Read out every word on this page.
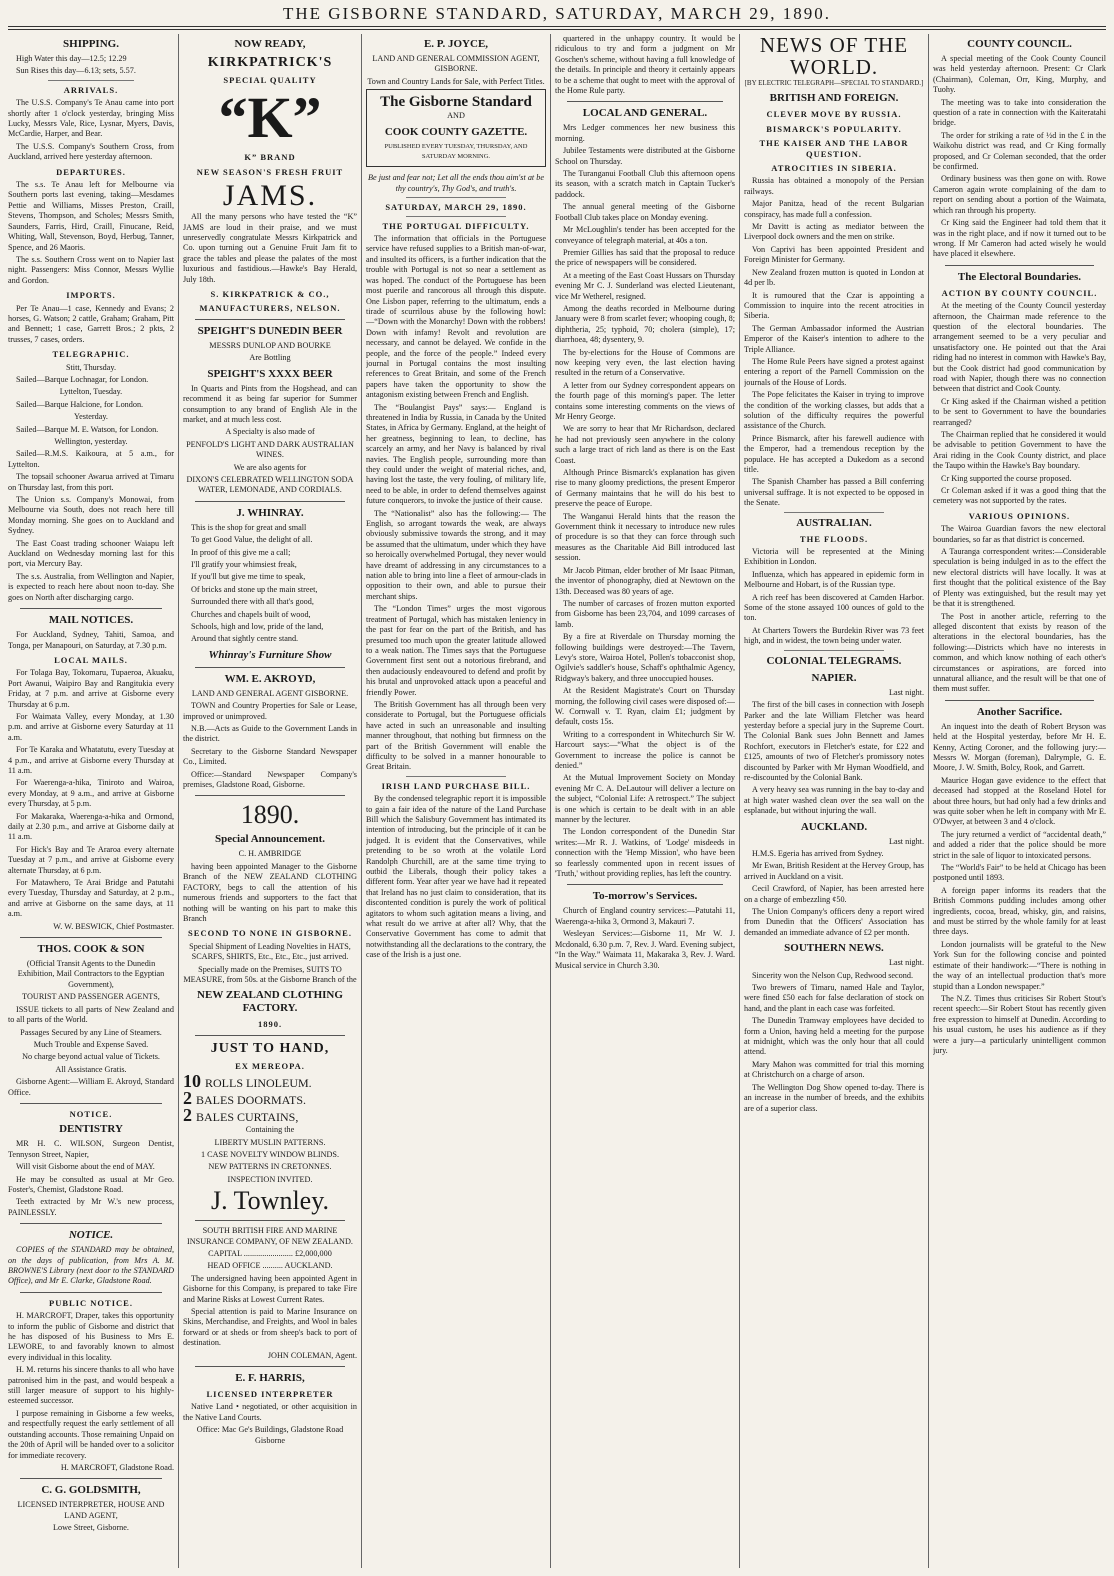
THE GISBORNE STANDARD, SATURDAY, MARCH 29, 1890.
SHIPPING.

High Water this day—12.5; 12.29

Sun Rises this day—6.13; sets, 5.57.

ARRIVALS.

The U.S.S. Company's Te Anau came into port shortly after 1 o'clock yesterday, bringing Miss Lucky, Messrs Vale, Rice, Lysnar, Myers, Davis, McCardie, Harper, and Bear.

The U.S.S. Company's Southern Cross, from Auckland, arrived here yesterday afternoon.

DEPARTURES.

The s.s. Te Anau left for Melbourne via Southern ports last evening, taking—Mesdames Pettie and Williams, Misses Preston, Craill, Stevens, Thompson, and Scholes; Messrs Smith, Saunders, Farris, Hird, Craill, Finucane, Reid, Whiting, Wall, Stevenson, Boyd, Herbug, Tanner, Spence, and 26 Maoris.

The s.s. Southern Cross went on to Napier last night. Passengers: Miss Connor, Messrs Wyllie and Gordon.

IMPORTS.

Per Te Anau—1 case, Kennedy and Evans; 2 horses, G. Watson; 2 cattle, Graham; Graham, Pitt and Bennett; 1 case, Garrett Bros.; 2 pkts, 2 trusses, 7 cases, orders.

TELEGRAPHIC.

Stitt, Thursday.

Sailed—Barque Lochnagar, for London.

Lyttelton, Tuesday.

Sailed—Barque Halcione, for London.

Yesterday.

Sailed—Barque M. E. Watson, for London.

Wellington, yesterday.

Sailed—R.M.S. Kaikoura, at 5 a.m., for Lyttelton.

The topsail schooner Awarua arrived at Timaru on Thursday last, from this port.

The Union s.s. Company's Monowai, from Melbourne via South, does not reach here till Monday morning. She goes on to Auckland and Sydney.

The East Coast trading schooner Waiapu left Auckland on Wednesday morning last for this port, via Mercury Bay.

The s.s. Australia, from Wellington and Napier, is expected to reach here about noon to-day. She goes on North after discharging cargo.

MAIL NOTICES.

For Auckland, Sydney, Tahiti, Samoa, and Tonga, per Manapouri, on Saturday, at 7.30 p.m.

LOCAL MAILS.

For Tolaga Bay, Tokomaru, Tupaeroa, Akuaku, Port Awanui, Waipiro Bay and Rangitukia every Friday, at 7 p.m. and arrive at Gisborne every Thursday at 6 p.m.

For Waimata Valley, every Monday, at 1.30 p.m. and arrive at Gisborne every Saturday at 11 a.m.

For Te Karaka and Whatatutu, every Tuesday at 4 p.m., and arrive at Gisborne every Thursday at 11 a.m.

For Waerenga-a-hika, Tiniroto and Wairoa, every Monday, at 9 a.m., and arrive at Gisborne every Thursday, at 5 p.m.

For Makaraka, Waerenga-a-hika and Ormond, daily at 2.30 p.m., and arrive at Gisborne daily at 11 a.m.

For Hick's Bay and Te Araroa every alternate Tuesday at 7 p.m., and arrive at Gisborne every alternate Thursday, at 6 p.m.

For Matawhero, Te Arai Bridge and Patutahi every Tuesday, Thursday and Saturday, at 2 p.m., and arrive at Gisborne on the same days, at 11 a.m.

W. W. BESWICK, Chief Postmaster.

THOS. COOK & SON

(Official Transit Agents to the Dunedin Exhibition, Mail Contractors to the Egyptian Government),

TOURIST AND PASSENGER AGENTS,

ISSUE tickets to all parts of New Zealand and to all parts of the World.

Passages Secured by any Line of Steamers.

Much Trouble and Expense Saved.

No charge beyond actual value of Tickets.

All Assistance Gratis.

Gisborne Agent:—William E. Akroyd, Standard Office.

NOTICE.
DENTISTRY

MR H. C. WILSON, Surgeon Dentist, Tennyson Street, Napier,

Will visit Gisborne about the end of MAY.

He may be consulted as usual at Mr Geo. Foster's, Chemist, Gladstone Road.

Teeth extracted by Mr W.'s new process, PAINLESSLY.

NOTICE.

COPIES of the STANDARD may be obtained, on the days of publication, from Mrs A. M. BROWNE'S Library (next door to the STANDARD Office), and Mr E. Clarke, Gladstone Road.

PUBLIC NOTICE.

H. MARCROFT, Draper, takes this opportunity to inform the public of Gisborne and district that he has disposed of his Business to Mrs E. LEWORE, to and favorably known to almost every individual in this locality.

H. M. returns his sincere thanks to all who have patronised him in the past, and would bespeak a still larger measure of support to his highly-esteemed successor.

I purpose remaining in Gisborne a few weeks, and respectfully request the early settlement of all outstanding accounts. Those remaining Unpaid on the 20th of April will be handed over to a solicitor for immediate recovery.

H. MARCROFT, Gladstone Road.

C. G. GOLDSMITH,

LICENSED INTERPRETER, HOUSE AND LAND AGENT,

Lowe Street, Gisborne.

NOW READY,
KIRKPATRICK'S
SPECIAL QUALITY
“K”
K” BRAND
NEW SEASON'S FRESH FRUIT
JAMS.

All the many persons who have tested the “K” JAMS are loud in their praise, and we must unreservedly congratulate Messrs Kirkpatrick and Co. upon turning out a Genuine Fruit Jam fit to grace the tables and please the palates of the most luxurious and fastidious.—Hawke's Bay Herald, July 18th.

S. KIRKPATRICK & CO.,
MANUFACTURERS, NELSON.
SPEIGHT'S DUNEDIN BEER

MESSRS DUNLOP AND BOURKE

Are Bottling

SPEIGHT'S XXXX BEER

In Quarts and Pints from the Hogshead, and can recommend it as being far superior for Summer consumption to any brand of English Ale in the market, and at much less cost.

A Specialty is also made of

PENFOLD'S LIGHT AND DARK AUSTRALIAN WINES.

We are also agents for

DIXON'S CELEBRATED WELLINGTON SODA WATER, LEMONADE, AND CORDIALS.

J. WHINRAY.

This is the shop for great and small

To get Good Value, the delight of all.

In proof of this give me a call;

I'll gratify your whimsiest freak,

If you'll but give me time to speak,

Of bricks and stone up the main street,

Surrounded there with all that's good,

Churches and chapels built of wood,

Schools, high and low, pride of the land,

Around that sightly centre stand.

Whinray's Furniture Show
WM. E. AKROYD,

LAND AND GENERAL AGENT GISBORNE.

TOWN and Country Properties for Sale or Lease, improved or unimproved.

N.B.—Acts as Guide to the Government Lands in the district.

Secretary to the Gisborne Standard Newspaper Co., Limited.

Office:—Standard Newspaper Company's premises, Gladstone Road, Gisborne.

1890.
Special Announcement.

C. H. AMBRIDGE

having been appointed Manager to the Gisborne Branch of the NEW ZEALAND CLOTHING FACTORY, begs to call the attention of his numerous friends and supporters to the fact that nothing will be wanting on his part to make this Branch

SECOND TO NONE IN GISBORNE.

Special Shipment of Leading Novelties in HATS, SCARFS, SHIRTS, Etc., Etc., Etc., just arrived.

Specially made on the Premises, SUITS TO MEASURE, from 50s. at the Gisborne Branch of the

NEW ZEALAND CLOTHING FACTORY.
1890.
JUST TO HAND,
EX MEREOPA.
10 ROLLS LINOLEUM.
2 BALES DOORMATS.
2 BALES CURTAINS,

Containing the

LIBERTY MUSLIN PATTERNS.

1 CASE NOVELTY WINDOW BLINDS.

NEW PATTERNS IN CRETONNES.

INSPECTION INVITED.

J. Townley.

SOUTH BRITISH FIRE AND MARINE INSURANCE COMPANY, OF NEW ZEALAND.

CAPITAL ........................ £2,000,000

HEAD OFFICE .......... AUCKLAND.

The undersigned having been appointed Agent in Gisborne for this Company, is prepared to take Fire and Marine Risks at Lowest Current Rates.

Special attention is paid to Marine Insurance on Skins, Merchandise, and Freights, and Wool in bales forward or at sheds or from sheep's back to port of destination.

JOHN COLEMAN, Agent.

E. F. HARRIS,
LICENSED INTERPRETER

Native Land • negotiated, or other acquisition in the Native Land Courts.

Office: Mac Ge's Buildings, Gladstone Road Gisborne

E. P. JOYCE,

LAND AND GENERAL COMMISSION AGENT, GISBORNE.

Town and Country Lands for Sale, with Perfect Titles.

The Gisborne Standard
AND
COOK COUNTY GAZETTE.
PUBLISHED EVERY TUESDAY, THURSDAY, AND SATURDAY MORNING.

Be just and fear not; Let all the ends thou aim'st at be thy country's, Thy God's, and truth's.

SATURDAY, MARCH 29, 1890.
THE PORTUGAL DIFFICULTY.

The information that officials in the Portuguese service have refused supplies to a British man-of-war, and insulted its officers, is a further indication that the trouble with Portugal is not so near a settlement as was hoped. The conduct of the Portuguese has been most puerile and rancorous all through this dispute. One Lisbon paper, referring to the ultimatum, ends a tirade of scurrilous abuse by the following howl:—“Down with the Monarchy! Down with the robbers! Down with infamy! Revolt and revolution are necessary, and cannot be delayed. We confide in the people, and the force of the people.” Indeed every journal in Portugal contains the most insulting references to Great Britain, and some of the French papers have taken the opportunity to show the antagonism existing between French and English.

The “Boulangist Pays” says:— England is threatened in India by Russia, in Canada by the United States, in Africa by Germany. England, at the height of her greatness, beginning to lean, to decline, has scarcely an army, and her Navy is balanced by rival navies. The English people, surrounding more than they could under the weight of material riches, and, having lost the taste, the very fouling, of military life, need to be able, in order to defend themselves against future conquerors, to invoke the justice of their cause.

The “Nationalist” also has the following:— The English, so arrogant towards the weak, are always obviously submissive towards the strong, and it may be assumed that the ultimatum, under which they have so heroically overwhelmed Portugal, they never would have dreamt of addressing in any circumstances to a nation able to bring into line a fleet of armour-clads in opposition to their own, and able to pursue their merchant ships.

The “London Times” urges the most vigorous treatment of Portugal, which has mistaken leniency in the past for fear on the part of the British, and has presumed too much upon the greater latitude allowed to a weak nation. The Times says that the Portuguese Government first sent out a notorious firebrand, and then audaciously endeavoured to defend and profit by his brutal and unprovoked attack upon a peaceful and friendly Power.

The British Government has all through been very considerate to Portugal, but the Portuguese officials have acted in such an unreasonable and insulting manner throughout, that nothing but firmness on the part of the British Government will enable the difficulty to be solved in a manner honourable to Great Britain.

IRISH LAND PURCHASE BILL.

By the condensed telegraphic report it is impossible to gain a fair idea of the nature of the Land Purchase Bill which the Salisbury Government has intimated its intention of introducing, but the principle of it can be judged. It is evident that the Conservatives, while pretending to be so wroth at the volatile Lord Randolph Churchill, are at the same time trying to outbid the Liberals, though their policy takes a different form. Year after year we have had it repeated that Ireland has no just claim to consideration, that its discontented condition is purely the work of political agitators to whom such agitation means a living, and what result do we arrive at after all? Why, that the Conservative Government has come to admit that notwithstanding all the declarations to the contrary, the case of the Irish is a just one.

quartered in the unhappy country. It would be ridiculous to try and form a judgment on Mr Goschen's scheme, without having a full knowledge of the details. In principle and theory it certainly appears to be a scheme that ought to meet with the approval of the Home Rule party.

LOCAL AND GENERAL.

Mrs Ledger commences her new business this morning.

Jubilee Testaments were distributed at the Gisborne School on Thursday.

The Turanganui Football Club this afternoon opens its season, with a scratch match in Captain Tucker's paddock.

The annual general meeting of the Gisborne Football Club takes place on Monday evening.

Mr McLoughlin's tender has been accepted for the conveyance of telegraph material, at 40s a ton.

Premier Gillies has said that the proposal to reduce the price of newspapers will be considered.

At a meeting of the East Coast Hussars on Thursday evening Mr C. J. Sunderland was elected Lieutenant, vice Mr Wetherel, resigned.

Among the deaths recorded in Melbourne during January were 8 from scarlet fever; whooping cough, 8; diphtheria, 25; typhoid, 70; cholera (simple), 17; diarrhoea, 48; dysentery, 9.

The by-elections for the House of Commons are now keeping very even, the last election having resulted in the return of a Conservative.

A letter from our Sydney correspondent appears on the fourth page of this morning's paper. The letter contains some interesting comments on the views of Mr Henry George.

We are sorry to hear that Mr Richardson, declared he had not previously seen anywhere in the colony such a large tract of rich land as there is on the East Coast.

Although Prince Bismarck's explanation has given rise to many gloomy predictions, the present Emperor of Germany maintains that he will do his best to preserve the peace of Europe.

The Wanganui Herald hints that the reason the Government think it necessary to introduce new rules of procedure is so that they can force through such measures as the Charitable Aid Bill introduced last session.

Mr Jacob Pitman, elder brother of Mr Isaac Pitman, the inventor of phonography, died at Newtown on the 13th. Deceased was 80 years of age.

The number of carcases of frozen mutton exported from Gisborne has been 23,704, and 1099 carcases of lamb.

By a fire at Riverdale on Thursday morning the following buildings were destroyed:—The Tavern, Levy's store, Wairoa Hotel, Pollen's tobacconist shop, Ogilvie's saddler's house, Schaff's ophthalmic Agency, Ridgway's bakery, and three unoccupied houses.

At the Resident Magistrate's Court on Thursday morning, the following civil cases were disposed of:—W. Cornwall v. T. Ryan, claim £1; judgment by default, costs 15s.

Writing to a correspondent in Whitechurch Sir W. Harcourt says:—“What the object is of the Government to increase the police is cannot be denied.”

At the Mutual Improvement Society on Monday evening Mr C. A. DeLautour will deliver a lecture on the subject, “Colonial Life: A retrospect.” The subject is one which is certain to be dealt with in an able manner by the lecturer.

The London correspondent of the Dunedin Star writes:—Mr R. J. Watkins, of 'Lodge' misdeeds in connection with the 'Hemp Mission', who have been so fearlessly commented upon in recent issues of 'Truth,' without providing replies, has left the country.

To-morrow's Services.

Church of England country services:—Patutahi 11, Waerenga-a-hika 3, Ormond 3, Makauri 7.

Wesleyan Services:—Gisborne 11, Mr W. J. Mcdonald, 6.30 p.m. 7, Rev. J. Ward. Evening subject, “In the Way.” Waimata 11, Makaraka 3, Rev. J. Ward. Musical service in Church 3.30.

NEWS OF THE WORLD.

[BY ELECTRIC TELEGRAPH—SPECIAL TO STANDARD.]

BRITISH AND FOREIGN.
CLEVER MOVE BY RUSSIA.
BISMARCK'S POPULARITY.
THE KAISER AND THE LABOR QUESTION.
ATROCITIES IN SIBERIA.

Russia has obtained a monopoly of the Persian railways.

Major Panitza, head of the recent Bulgarian conspiracy, has made full a confession.

Mr Davitt is acting as mediator between the Liverpool dock owners and the men on strike.

Von Caprivi has been appointed President and Foreign Minister for Germany.

New Zealand frozen mutton is quoted in London at 4d per lb.

It is rumoured that the Czar is appointing a Commission to inquire into the recent atrocities in Siberia.

The German Ambassador informed the Austrian Emperor of the Kaiser's intention to adhere to the Triple Alliance.

The Home Rule Peers have signed a protest against entering a report of the Parnell Commission on the journals of the House of Lords.

The Pope felicitates the Kaiser in trying to improve the condition of the working classes, but adds that a solution of the difficulty requires the powerful assistance of the Church.

Prince Bismarck, after his farewell audience with the Emperor, had a tremendous reception by the populace. He has accepted a Dukedom as a second title.

The Spanish Chamber has passed a Bill conferring universal suffrage. It is not expected to be opposed in the Senate.

AUSTRALIAN.
THE FLOODS.

Victoria will be represented at the Mining Exhibition in London.

Influenza, which has appeared in epidemic form in Melbourne and Hobart, is of the Russian type.

A rich reef has been discovered at Camden Harbor. Some of the stone assayed 100 ounces of gold to the ton.

At Charters Towers the Burdekin River was 73 feet high, and in widest, the town being under water.

COLONIAL TELEGRAMS.
NAPIER.

Last night.

The first of the bill cases in connection with Joseph Parker and the late William Fletcher was heard yesterday before a special jury in the Supreme Court. The Colonial Bank sues John Bennett and James Rochfort, executors in Fletcher's estate, for £22 and £125, amounts of two of Fletcher's promissory notes discounted by Parker with Mr Hyman Woodfield, and re-discounted by the Colonial Bank.

A very heavy sea was running in the bay to-day and at high water washed clean over the sea wall on the esplanade, but without injuring the wall.

AUCKLAND.

Last night.

H.M.S. Egeria has arrived from Sydney.

Mr Ewan, British Resident at the Hervey Group, has arrived in Auckland on a visit.

Cecil Crawford, of Napier, has been arrested here on a charge of embezzling ¢50.

The Union Company's officers deny a report wired from Dunedin that the Officers' Association has demanded an immediate advance of £2 per month.

SOUTHERN NEWS.

Last night.

Sincerity won the Nelson Cup, Redwood second.

Two brewers of Timaru, named Hale and Taylor, were fined £50 each for false declaration of stock on hand, and the plant in each case was forfeited.

The Dunedin Tramway employees have decided to form a Union, having held a meeting for the purpose at midnight, which was the only hour that all could attend.

Mary Mahon was committed for trial this morning at Christchurch on a charge of arson.

The Wellington Dog Show opened to-day. There is an increase in the number of breeds, and the exhibits are of a superior class.

COUNTY COUNCIL.

A special meeting of the Cook County Council was held yesterday afternoon. Present: Cr Clark (Chairman), Coleman, Orr, King, Murphy, and Tuohy.

The meeting was to take into consideration the question of a rate in connection with the Kaiteratahi bridge.

The order for striking a rate of ½d in the £ in the Waikohu district was read, and Cr King formally proposed, and Cr Coleman seconded, that the order be confirmed.

Ordinary business was then gone on with. Rowe Cameron again wrote complaining of the dam to report on sending about a portion of the Waimata, which ran through his property.

Cr King said the Engineer had told them that it was in the right place, and if now it turned out to be wrong. If Mr Cameron had acted wisely he would have placed it elsewhere.

The Electoral Boundaries.
ACTION BY COUNTY COUNCIL.

At the meeting of the County Council yesterday afternoon, the Chairman made reference to the question of the electoral boundaries. The arrangement seemed to be a very peculiar and unsatisfactory one. He pointed out that the Arai riding had no interest in common with Hawke's Bay, but the Cook district had good communication by road with Napier, though there was no connection between that district and Cook County.

Cr King asked if the Chairman wished a petition to be sent to Government to have the boundaries rearranged?

The Chairman replied that he considered it would be advisable to petition Government to have the Arai riding in the Cook County district, and place the Taupo within the Hawke's Bay boundary.

Cr King supported the course proposed.

Cr Coleman asked if it was a good thing that the cemetery was not supported by the rates.

VARIOUS OPINIONS.

The Wairoa Guardian favors the new electoral boundaries, so far as that district is concerned.

A Tauranga correspondent writes:—Considerable speculation is being indulged in as to the effect the new electoral districts will have locally. It was at first thought that the political existence of the Bay of Plenty was extinguished, but the result may yet be that it is strengthened.

The Post in another article, referring to the alleged discontent that exists by reason of the alterations in the electoral boundaries, has the following:—Districts which have no interests in common, and which know nothing of each other's circumstances or aspirations, are forced into unnatural alliance, and the result will be that one of them must suffer.

Another Sacrifice.

An inquest into the death of Robert Bryson was held at the Hospital yesterday, before Mr H. E. Kenny, Acting Coroner, and the following jury:—Messrs W. Morgan (foreman), Dalrymple, G. E. Moore, J. W. Smith, Bolcy, Rook, and Garrett.

Maurice Hogan gave evidence to the effect that deceased had stopped at the Roseland Hotel for about three hours, but had only had a few drinks and was quite sober when he left in company with Mr E. O'Dwyer, at between 3 and 4 o'clock.

The jury returned a verdict of “accidental death,” and added a rider that the police should be more strict in the sale of liquor to intoxicated persons.

The “World's Fair” to be held at Chicago has been postponed until 1893.

A foreign paper informs its readers that the British Commons pudding includes among other ingredients, cocoa, bread, whisky, gin, and raisins, and must be stirred by the whole family for at least three days.

London journalists will be grateful to the New York Sun for the following concise and pointed estimate of their handiwork:—“There is nothing in the way of an intellectual production that's more stupid than a London newspaper.”

The N.Z. Times thus criticises Sir Robert Stout's recent speech:—Sir Robert Stout has recently given free expression to himself at Dunedin. According to his usual custom, he uses his audience as if they were a jury—a particularly unintelligent common jury.
